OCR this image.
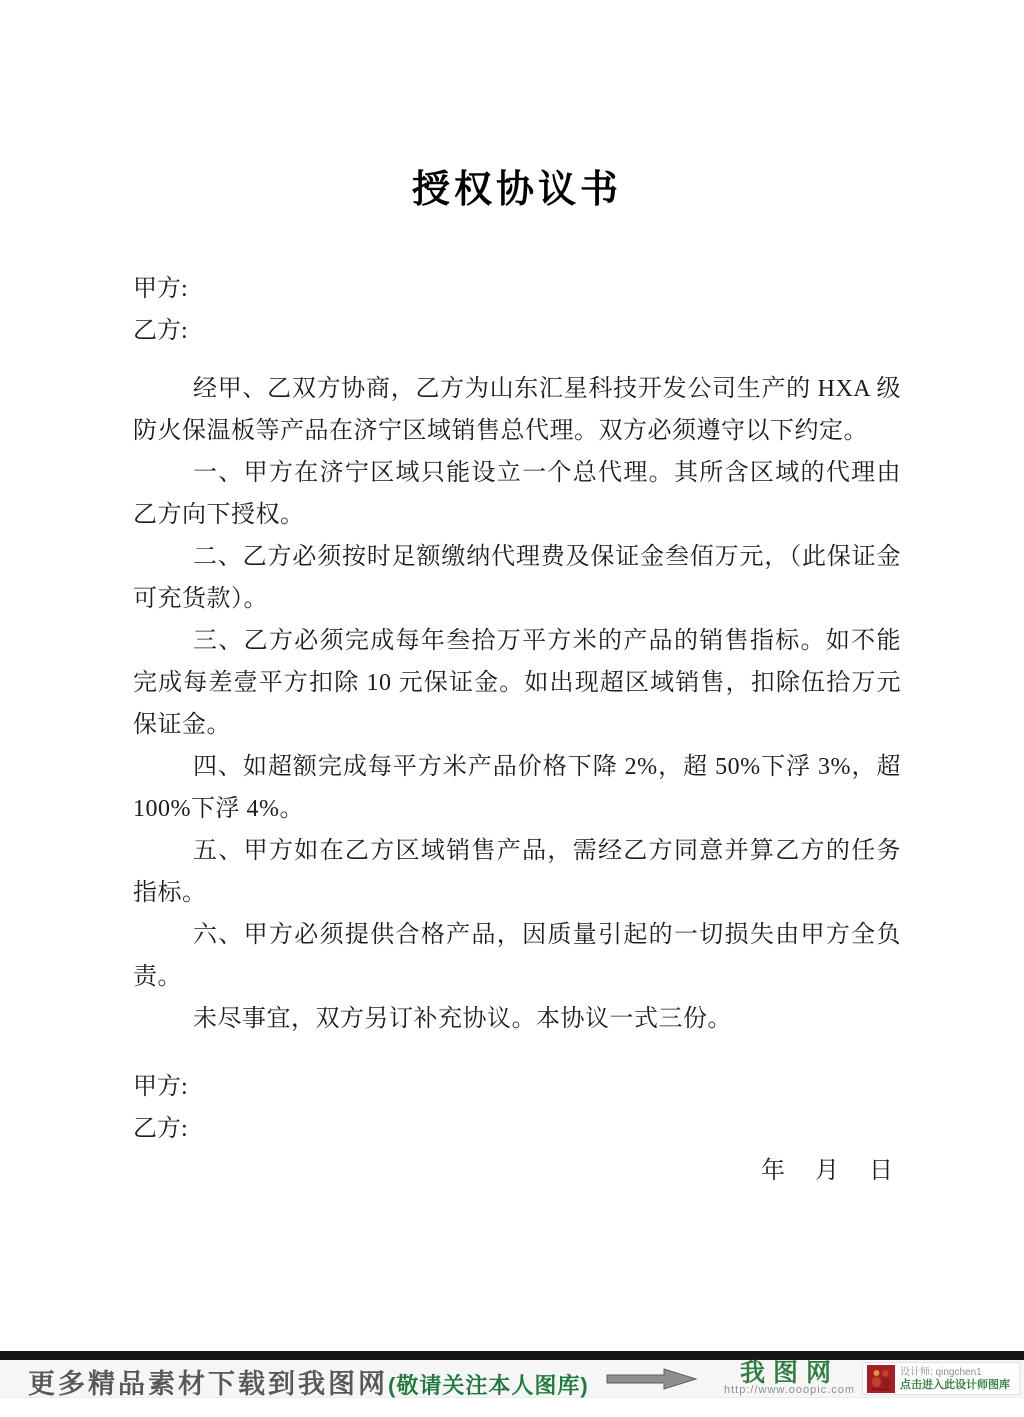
授权协议书
甲方:
乙方:

经甲、乙双方协商，乙方为山东汇星科技开发公司生产的 HXA 级防火保温板等产品在济宁区域销售总代理。双方必须遵守以下约定。

一、甲方在济宁区域只能设立一个总代理。其所含区域的代理由乙方向下授权。

二、乙方必须按时足额缴纳代理费及保证金叁佰万元，（此保证金可充货款）。

三、乙方必须完成每年叁拾万平方米的产品的销售指标。如不能完成每差壹平方扣除 10 元保证金。如出现超区域销售，扣除伍拾万元保证金。

四、如超额完成每平方米产品价格下降 2%，超 50%下浮 3%，超 100%下浮 4%。

五、甲方如在乙方区域销售产品，需经乙方同意并算乙方的任务指标。

六、甲方必须提供合格产品，因质量引起的一切损失由甲方全负责。

未尽事宜，双方另订补充协议。本协议一式三份。

甲方:
乙方:
年　 月　 日
更多精品素材下载到我图网(敬请关注本人图库)	我图网
http://www.ooopic.com
设计师: qingchen1
点击进入此设计师图库
